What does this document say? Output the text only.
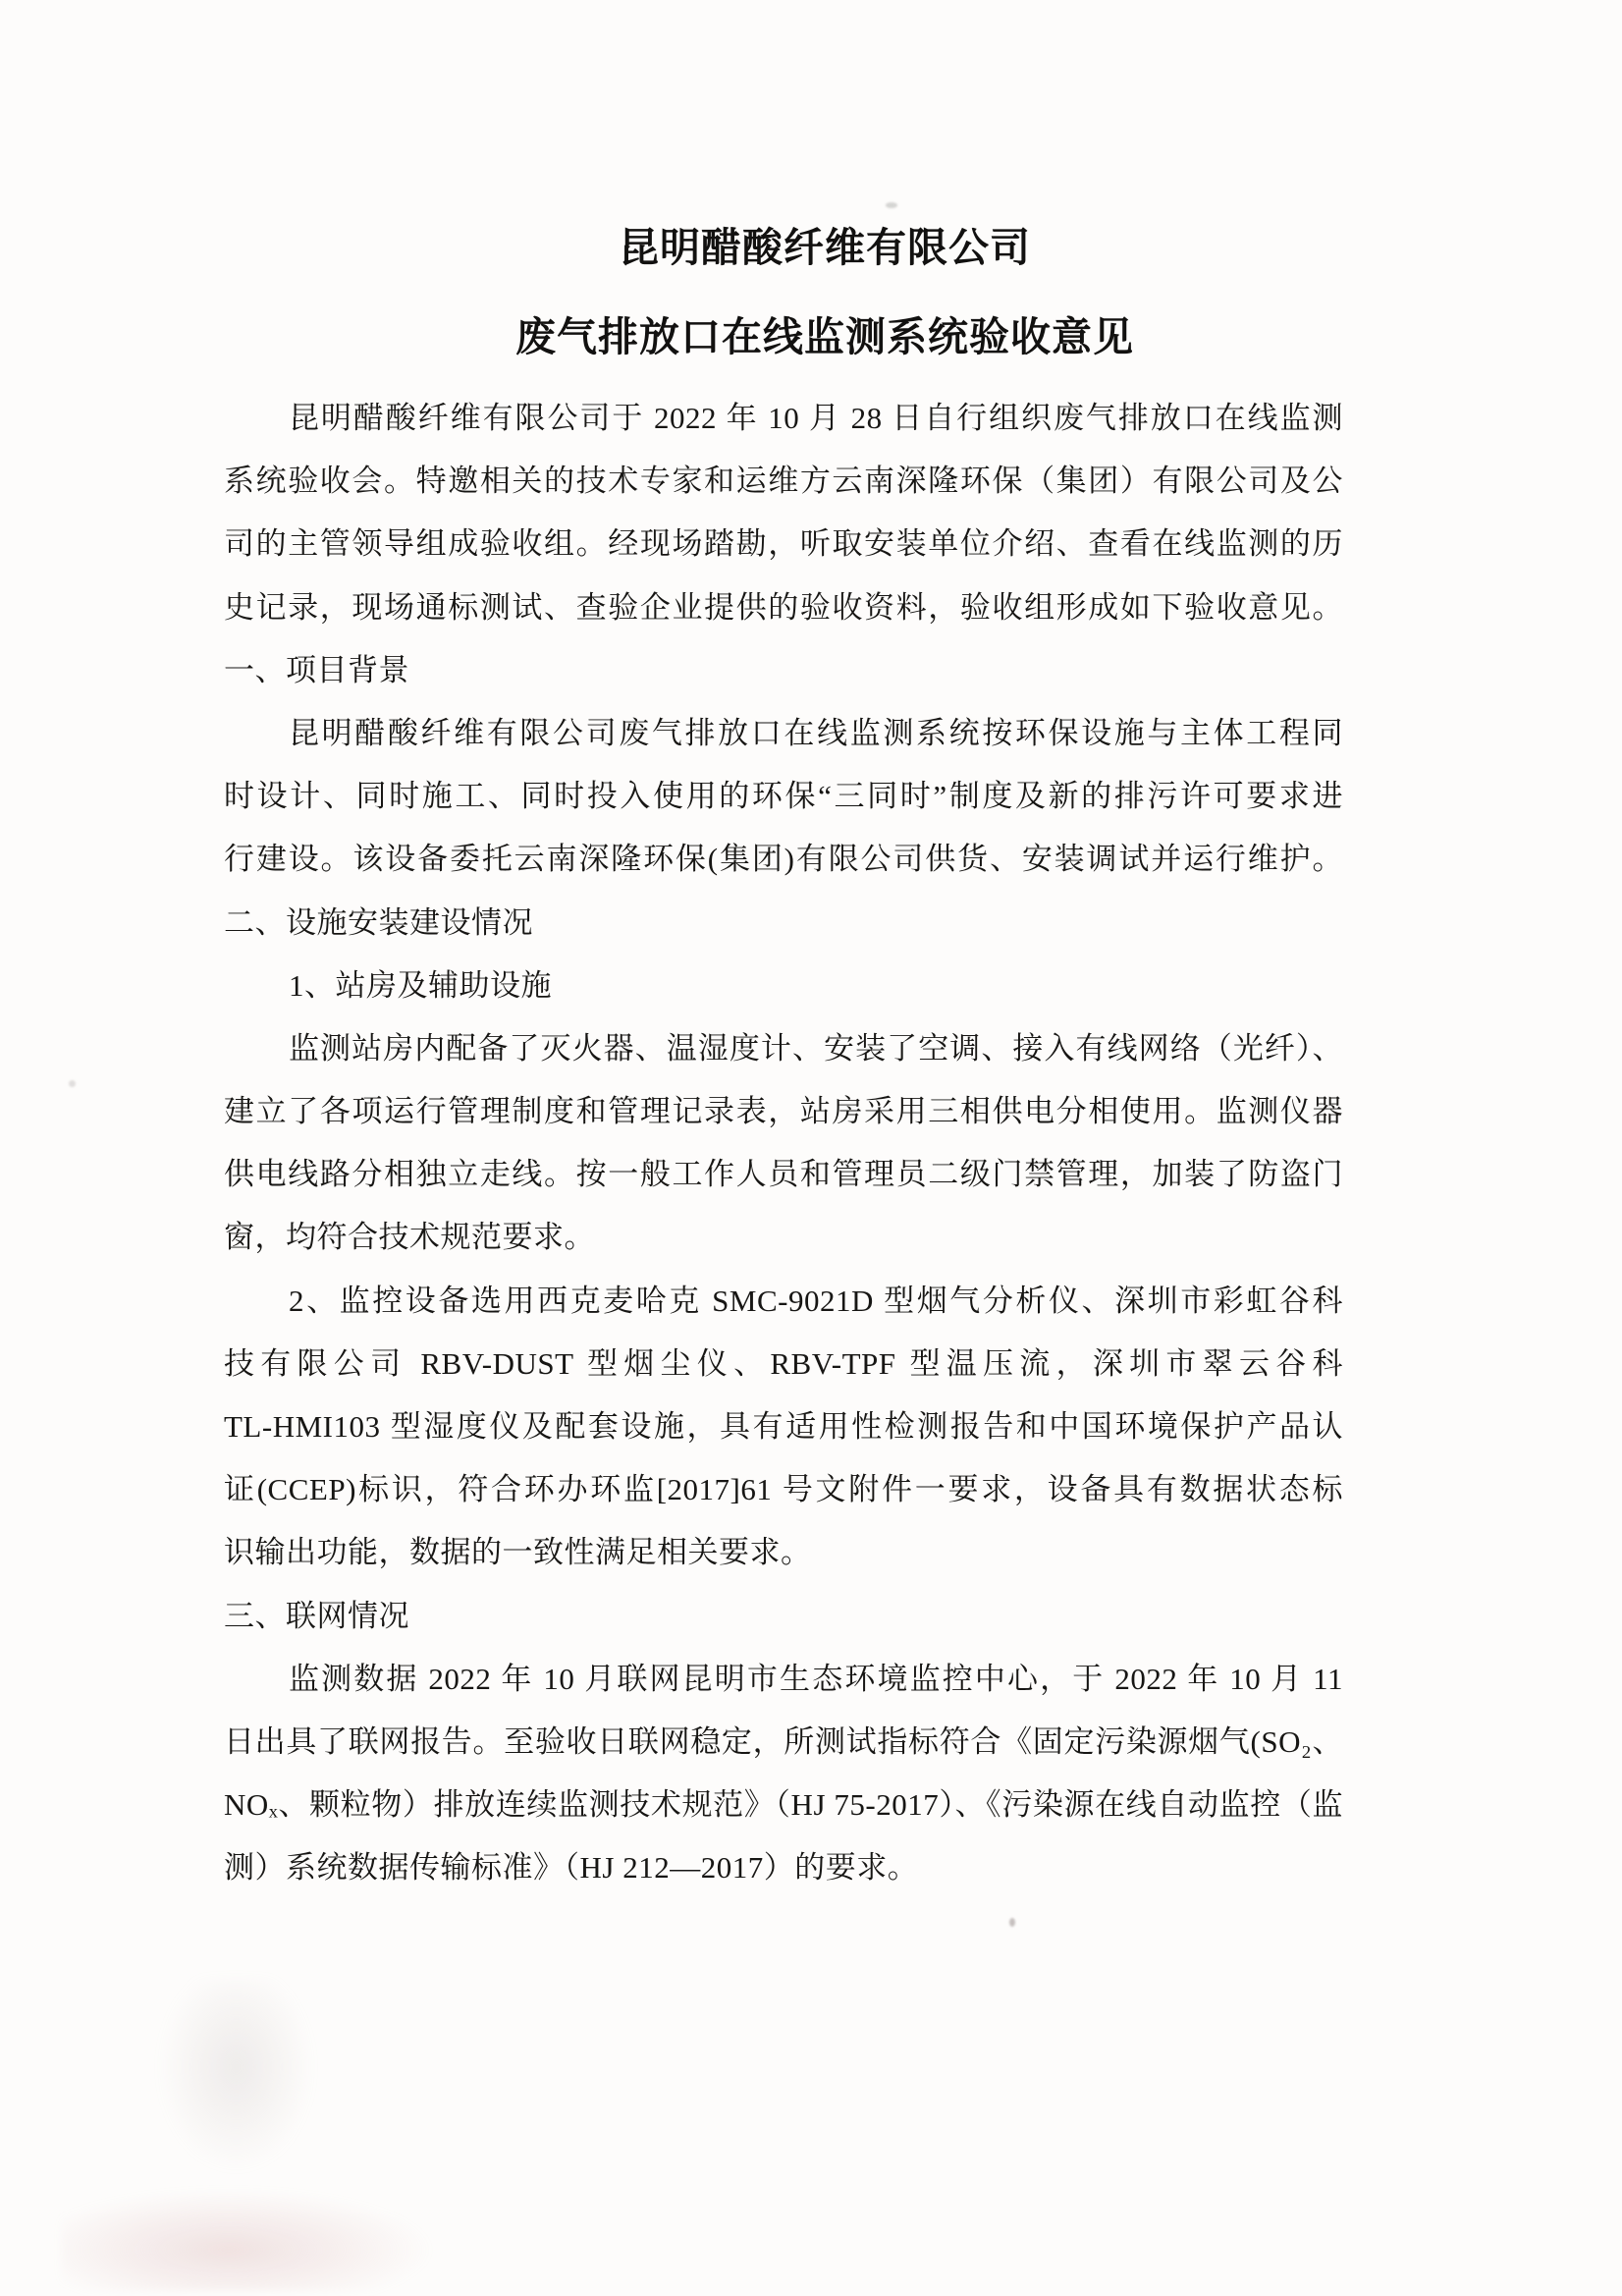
昆明醋酸纤维有限公司
废气排放口在线监测系统验收意见
昆明醋酸纤维有限公司于 2022 年 10 月 28 日自行组织废气排放口在线监测
系统验收会。特邀相关的技术专家和运维方云南深隆环保（集团）有限公司及公
司的主管领导组成验收组。经现场踏勘，听取安装单位介绍、查看在线监测的历
史记录，现场通标测试、查验企业提供的验收资料，验收组形成如下验收意见。
一、项目背景
昆明醋酸纤维有限公司废气排放口在线监测系统按环保设施与主体工程同
时设计、同时施工、同时投入使用的环保“三同时”制度及新的排污许可要求进
行建设。该设备委托云南深隆环保(集团)有限公司供货、安装调试并运行维护。
二、设施安装建设情况
1、站房及辅助设施
监测站房内配备了灭火器、温湿度计、安装了空调、接入有线网络（光纤）、
建立了各项运行管理制度和管理记录表，站房采用三相供电分相使用。监测仪器
供电线路分相独立走线。按一般工作人员和管理员二级门禁管理，加装了防盗门
窗，均符合技术规范要求。
2、监控设备选用西克麦哈克 SMC-9021D 型烟气分析仪、深圳市彩虹谷科
技有限公司 RBV-DUST 型烟尘仪、RBV-TPF 型温压流，深圳市翠云谷科
TL-HMI103 型湿度仪及配套设施，具有适用性检测报告和中国环境保护产品认
证(CCEP)标识，符合环办环监[2017]61 号文附件一要求，设备具有数据状态标
识输出功能，数据的一致性满足相关要求。
三、联网情况
监测数据 2022 年 10 月联网昆明市生态环境监控中心，于 2022 年 10 月 11
日出具了联网报告。至验收日联网稳定，所测试指标符合《固定污染源烟气(SO₂、
NOₓ、颗粒物）排放连续监测技术规范》（HJ 75-2017）、《污染源在线自动监控（监
测）系统数据传输标准》（HJ 212—2017）的要求。
